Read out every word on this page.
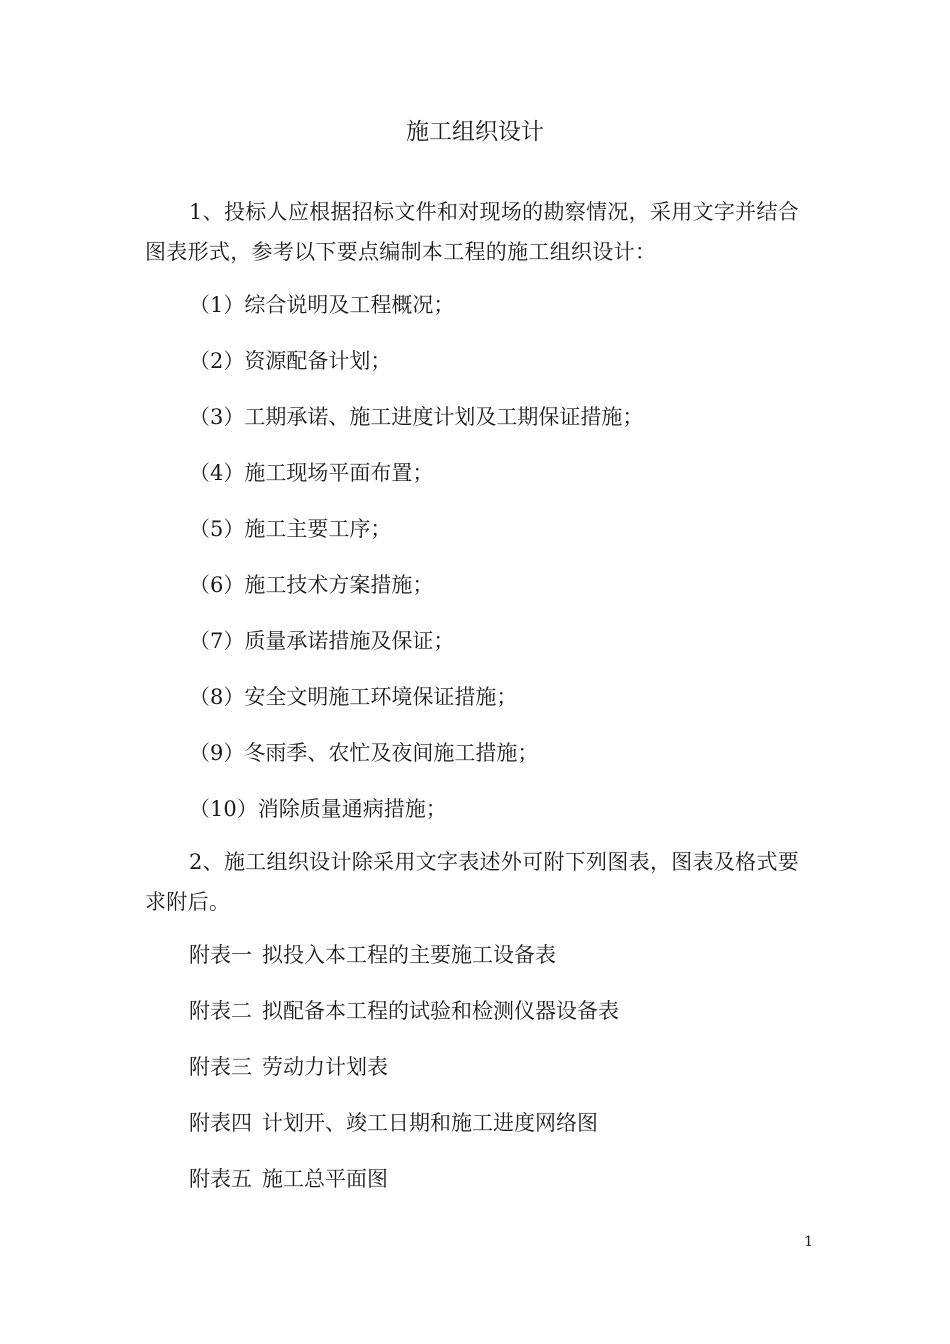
施工组织设计

1、投标人应根据招标文件和对现场的勘察情况，采用文字并结合图表形式，参考以下要点编制本工程的施工组织设计：

（1）综合说明及工程概况；

（2）资源配备计划；

（3）工期承诺、施工进度计划及工期保证措施；

（4）施工现场平面布置；

（5）施工主要工序；

（6）施工技术方案措施；

（7）质量承诺措施及保证；

（8）安全文明施工环境保证措施；

（9）冬雨季、农忙及夜间施工措施；

（10）消除质量通病措施；

2、施工组织设计除采用文字表述外可附下列图表，图表及格式要求附后。

附表一 拟投入本工程的主要施工设备表

附表二 拟配备本工程的试验和检测仪器设备表

附表三 劳动力计划表

附表四 计划开、竣工日期和施工进度网络图

附表五 施工总平面图

1
